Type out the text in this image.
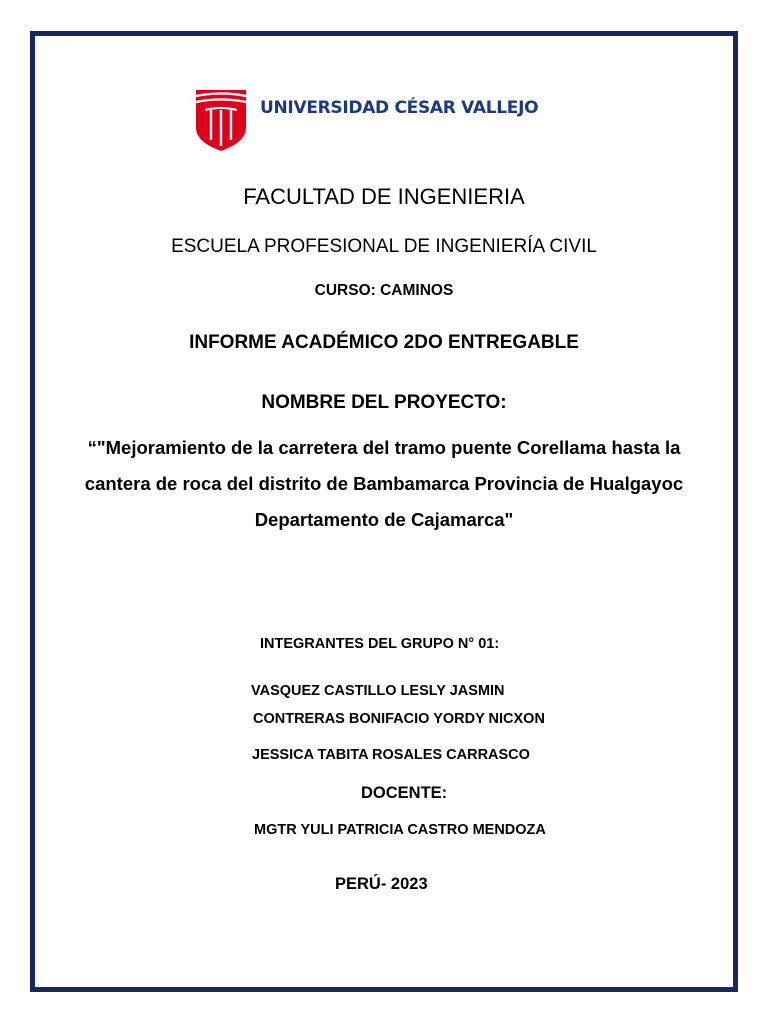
UNIVERSIDAD CÉSAR VALLEJO
FACULTAD DE INGENIERIA
ESCUELA PROFESIONAL DE INGENIERÍA CIVIL
CURSO: CAMINOS
INFORME ACADÉMICO 2DO ENTREGABLE
NOMBRE DEL PROYECTO:
“"Mejoramiento de la carretera del tramo puente Corellama hasta la cantera de roca del distrito de Bambamarca Provincia de Hualgayoc Departamento de Cajamarca"
INTEGRANTES DEL GRUPO N° 01:
VASQUEZ CASTILLO LESLY JASMIN
CONTRERAS BONIFACIO YORDY NICXON
JESSICA TABITA ROSALES CARRASCO
DOCENTE:
MGTR YULI PATRICIA CASTRO MENDOZA
PERÚ- 2023
